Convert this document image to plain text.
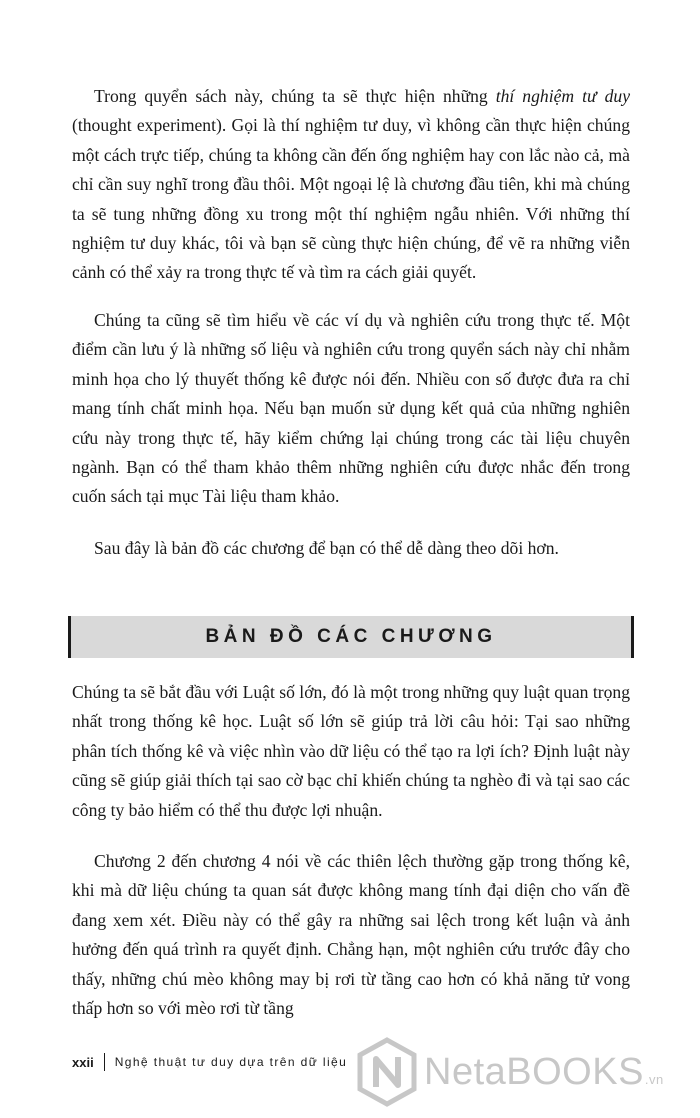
Trong quyển sách này, chúng ta sẽ thực hiện những thí nghiệm tư duy (thought experiment). Gọi là thí nghiệm tư duy, vì không cần thực hiện chúng một cách trực tiếp, chúng ta không cần đến ống nghiệm hay con lắc nào cả, mà chỉ cần suy nghĩ trong đầu thôi. Một ngoại lệ là chương đầu tiên, khi mà chúng ta sẽ tung những đồng xu trong một thí nghiệm ngẫu nhiên. Với những thí nghiệm tư duy khác, tôi và bạn sẽ cùng thực hiện chúng, để vẽ ra những viễn cảnh có thể xảy ra trong thực tế và tìm ra cách giải quyết.

Chúng ta cũng sẽ tìm hiểu về các ví dụ và nghiên cứu trong thực tế. Một điểm cần lưu ý là những số liệu và nghiên cứu trong quyển sách này chỉ nhằm minh họa cho lý thuyết thống kê được nói đến. Nhiều con số được đưa ra chỉ mang tính chất minh họa. Nếu bạn muốn sử dụng kết quả của những nghiên cứu này trong thực tế, hãy kiểm chứng lại chúng trong các tài liệu chuyên ngành. Bạn có thể tham khảo thêm những nghiên cứu được nhắc đến trong cuốn sách tại mục Tài liệu tham khảo.

Sau đây là bản đồ các chương để bạn có thể dễ dàng theo dõi hơn.

BẢN ĐỒ CÁC CHƯƠNG

Chúng ta sẽ bắt đầu với Luật số lớn, đó là một trong những quy luật quan trọng nhất trong thống kê học. Luật số lớn sẽ giúp trả lời câu hỏi: Tại sao những phân tích thống kê và việc nhìn vào dữ liệu có thể tạo ra lợi ích? Định luật này cũng sẽ giúp giải thích tại sao cờ bạc chỉ khiến chúng ta nghèo đi và tại sao các công ty bảo hiểm có thể thu được lợi nhuận.

Chương 2 đến chương 4 nói về các thiên lệch thường gặp trong thống kê, khi mà dữ liệu chúng ta quan sát được không mang tính đại diện cho vấn đề đang xem xét. Điều này có thể gây ra những sai lệch trong kết luận và ảnh hưởng đến quá trình ra quyết định. Chẳng hạn, một nghiên cứu trước đây cho thấy, những chú mèo không may bị rơi từ tầng cao hơn có khả năng tử vong thấp hơn so với mèo rơi từ tầng

xxii Nghệ thuật tư duy dựa trên dữ liệu NetaBOOKS.vn
